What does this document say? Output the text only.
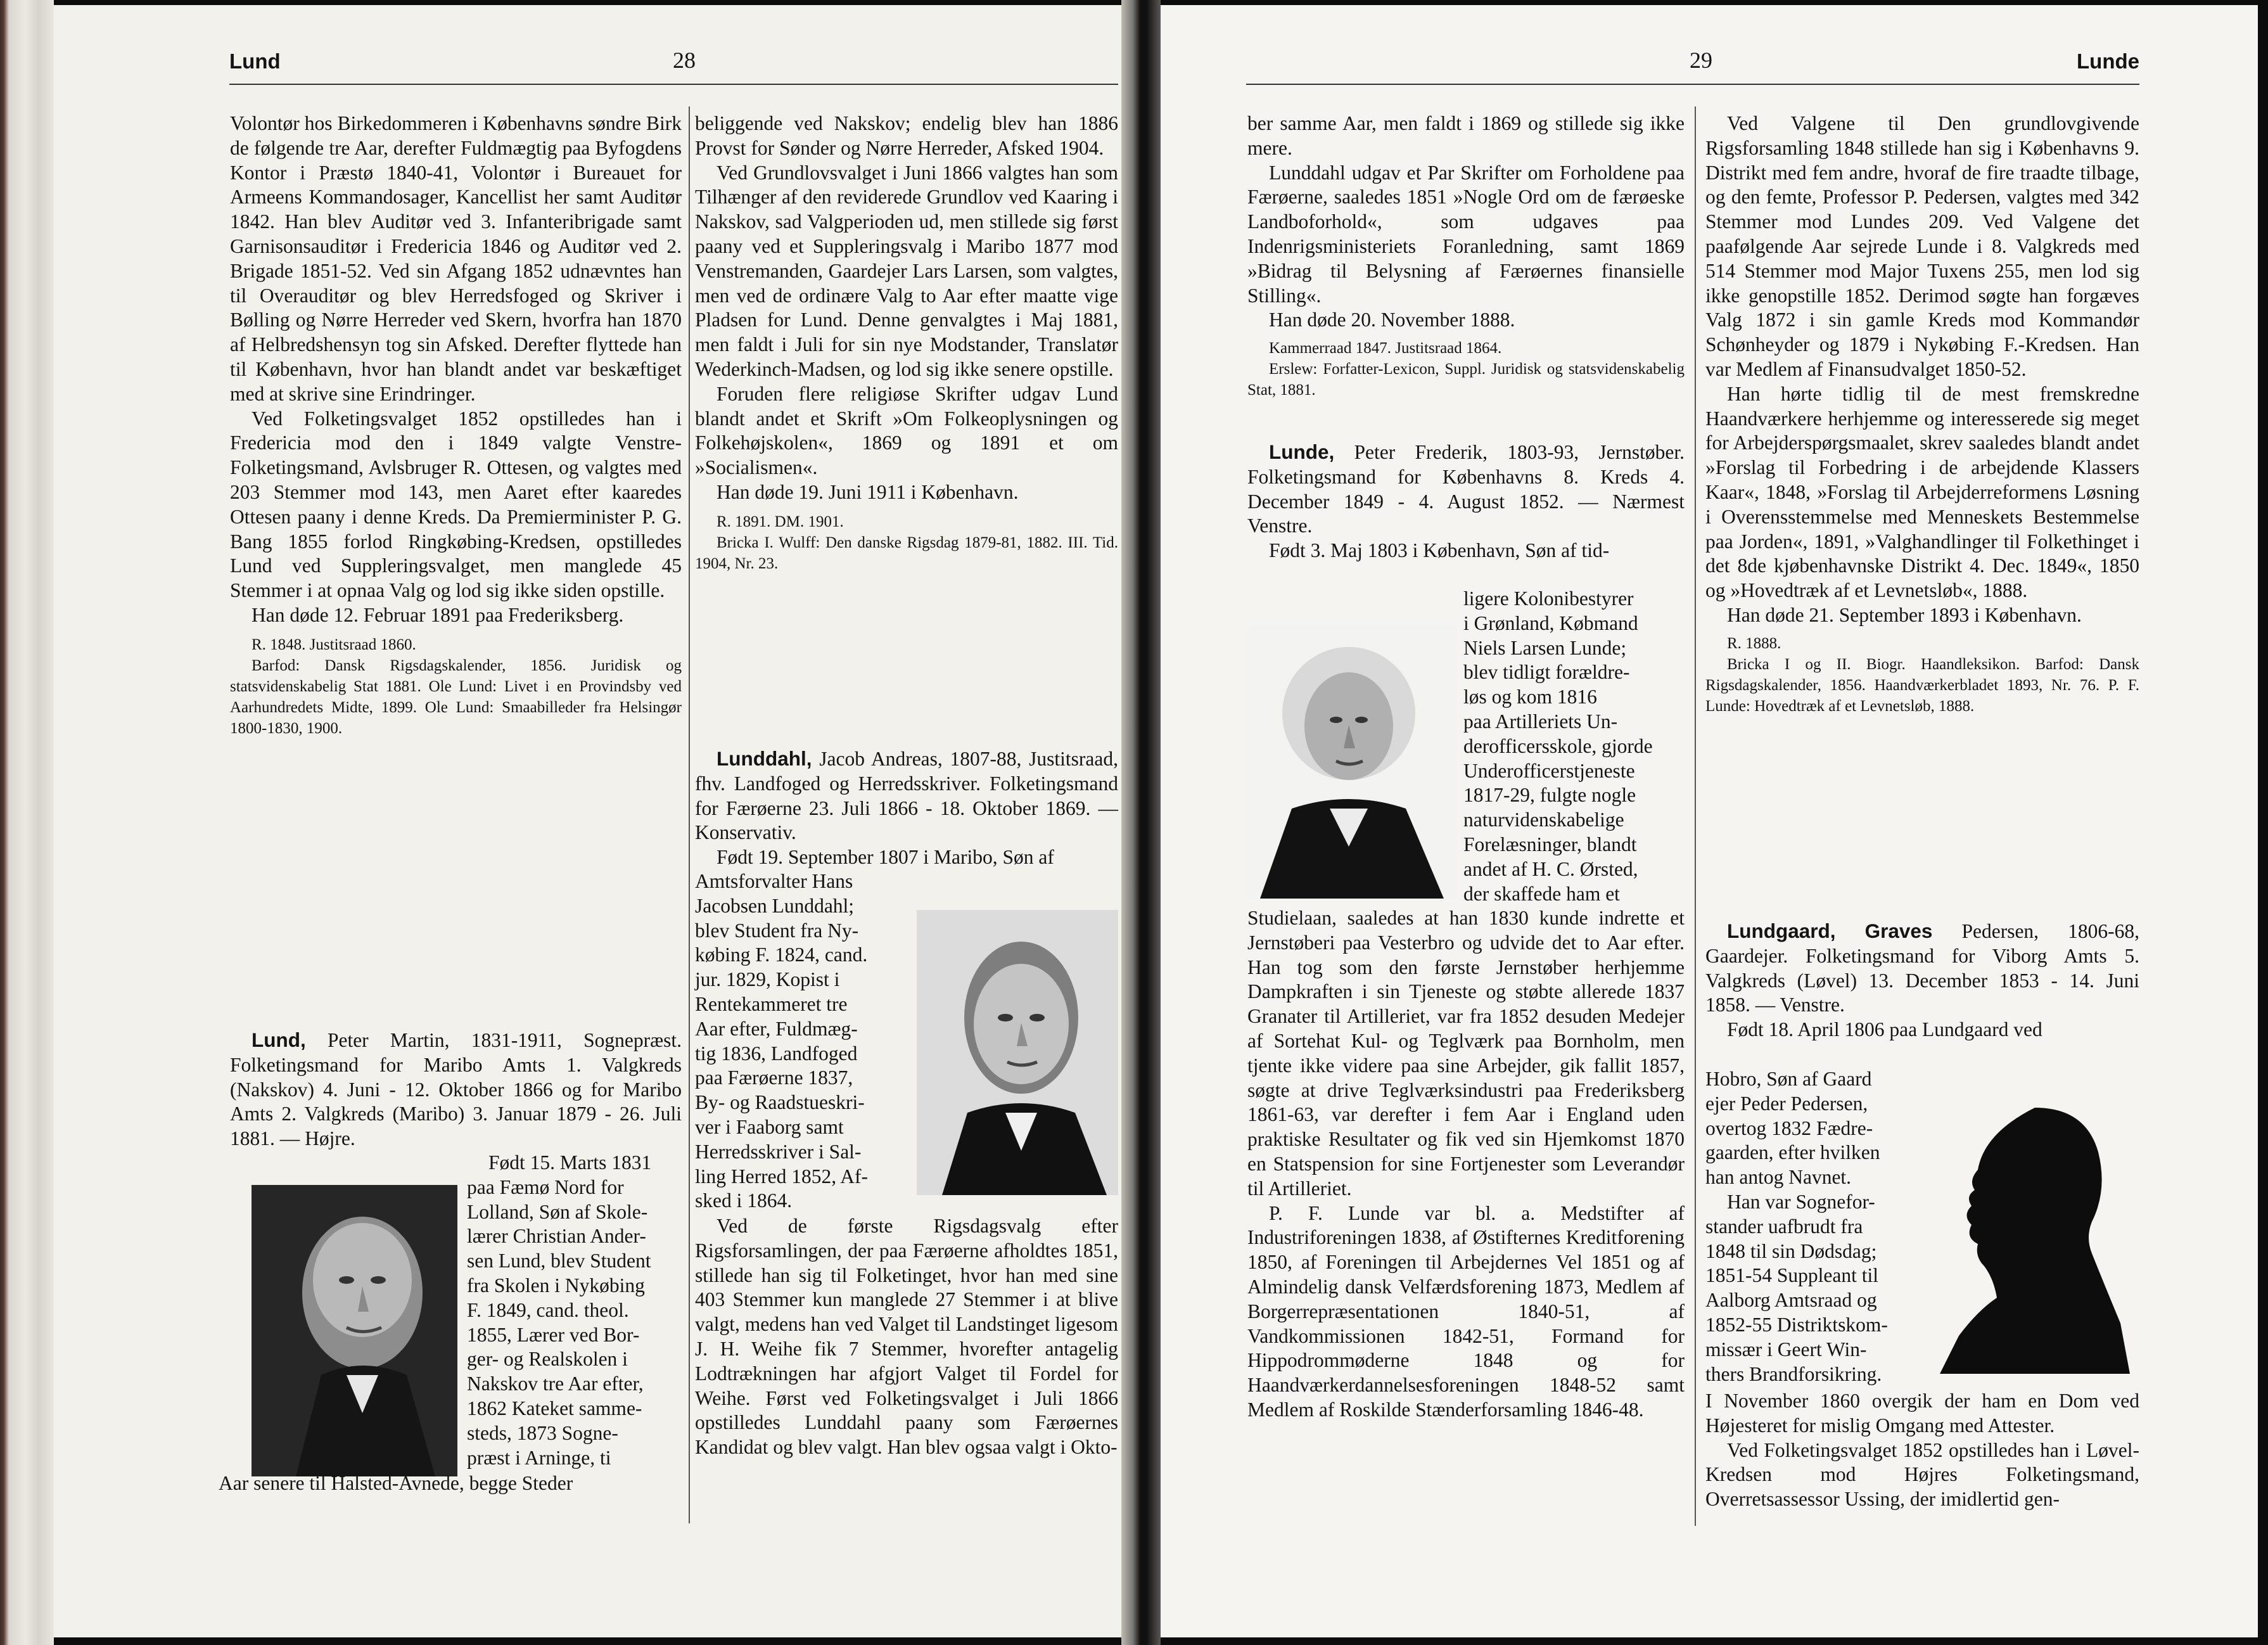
Lund	28

Volontør hos Birkedommeren i Københavns søndre Birk de følgende tre Aar, derefter Fuldmægtig paa Byfogdens Kontor i Præstø 1840-41, Volontør i Bureauet for Armeens Kommandosager, Kancellist her samt Auditør 1842. Han blev Auditør ved 3. Infanteribrigade samt Garnisonsauditør i Fredericia 1846 og Auditør ved 2. Brigade 1851-52. Ved sin Afgang 1852 udnævntes han til Overauditør og blev Herredsfoged og Skriver i Bølling og Nørre Herreder ved Skern, hvorfra han 1870 af Helbredshensyn tog sin Afsked. Derefter flyttede han til København, hvor han blandt andet var beskæftiget med at skrive sine Erindringer.

Ved Folketingsvalget 1852 opstilledes han i Fredericia mod den i 1849 valgte Venstre-Folketingsmand, Avlsbruger R. Ottesen, og valgtes med 203 Stemmer mod 143, men Aaret efter kaaredes Ottesen paany i denne Kreds. Da Premierminister P. G. Bang 1855 forlod Ringkøbing-Kredsen, opstilledes Lund ved Suppleringsvalget, men manglede 45 Stemmer i at opnaa Valg og lod sig ikke siden opstille.

Han døde 12. Februar 1891 paa Frederiksberg.

R. 1848. Justitsraad 1860.

Barfod: Dansk Rigsdagskalender, 1856. Juridisk og statsvidenskabelig Stat 1881. Ole Lund: Livet i en Provindsby ved Aarhundredets Midte, 1899. Ole Lund: Smaabilleder fra Helsingør 1800-1830, 1900.

Lund, Peter Martin, 1831-1911, Sognepræst. Folketingsmand for Maribo Amts 1. Valgkreds (Nakskov) 4. Juni - 12. Oktober 1866 og for Maribo Amts 2. Valgkreds (Maribo) 3. Januar 1879 - 26. Juli 1881. — Højre.

Født 15. Marts 1831

paa Fæmø Nord for

Lolland, Søn af Skole-

lærer Christian Ander-

sen Lund, blev Student

fra Skolen i Nykøbing

F. 1849, cand. theol.

1855, Lærer ved Bor-

ger- og Realskolen i

Nakskov tre Aar efter,

1862 Kateket samme-

steds, 1873 Sogne-

præst i Arninge, ti

Aar senere til Halsted-Avnede, begge Steder

beliggende ved Nakskov; endelig blev han 1886 Provst for Sønder og Nørre Herreder, Afsked 1904.

Ved Grundlovsvalget i Juni 1866 valgtes han som Tilhænger af den reviderede Grundlov ved Kaaring i Nakskov, sad Valgperioden ud, men stillede sig først paany ved et Suppleringsvalg i Maribo 1877 mod Venstremanden, Gaardejer Lars Larsen, som valgtes, men ved de ordinære Valg to Aar efter maatte vige Pladsen for Lund. Denne genvalgtes i Maj 1881, men faldt i Juli for sin nye Modstander, Translatør Wederkinch-Madsen, og lod sig ikke senere opstille.

Foruden flere religiøse Skrifter udgav Lund blandt andet et Skrift »Om Folkeoplysningen og Folkehøjskolen«, 1869 og 1891 et om »Socialismen«.

Han døde 19. Juni 1911 i København.

R. 1891. DM. 1901.

Bricka I. Wulff: Den danske Rigsdag 1879-81, 1882. III. Tid. 1904, Nr. 23.

Lunddahl, Jacob Andreas, 1807-88, Justitsraad, fhv. Landfoged og Herredsskriver. Folketingsmand for Færøerne 23. Juli 1866 - 18. Oktober 1869. — Konservativ.

Født 19. September 1807 i Maribo, Søn af

Amtsforvalter Hans

Jacobsen Lunddahl;

blev Student fra Ny-

købing F. 1824, cand.

jur. 1829, Kopist i

Rentekammeret tre

Aar efter, Fuldmæg-

tig 1836, Landfoged

paa Færøerne 1837,

By- og Raadstueskri-

ver i Faaborg samt

Herredsskriver i Sal-

ling Herred 1852, Af-

sked i 1864.

Ved de første Rigsdagsvalg efter Rigsforsamlingen, der paa Færøerne afholdtes 1851, stillede han sig til Folketinget, hvor han med sine 403 Stemmer kun manglede 27 Stemmer i at blive valgt, medens han ved Valget til Landstinget ligesom J. H. Weihe fik 7 Stemmer, hvorefter antagelig Lodtrækningen har afgjort Valget til Fordel for Weihe. Først ved Folketingsvalget i Juli 1866 opstilledes Lunddahl paany som Færøernes Kandidat og blev valgt. Han blev ogsaa valgt i Okto-

29	Lunde

ber samme Aar, men faldt i 1869 og stillede sig ikke mere.

Lunddahl udgav et Par Skrifter om Forholdene paa Færøerne, saaledes 1851 »Nogle Ord om de færøeske Landboforhold«, som udgaves paa Indenrigsministeriets Foranledning, samt 1869 »Bidrag til Belysning af Færøernes finansielle Stilling«.

Han døde 20. November 1888.

Kammerraad 1847. Justitsraad 1864.

Erslew: Forfatter-Lexicon, Suppl. Juridisk og statsvidenskabelig Stat, 1881.

Lunde, Peter Frederik, 1803-93, Jernstøber. Folketingsmand for Københavns 8. Kreds 4. December 1849 - 4. August 1852. — Nærmest Venstre.

Født 3. Maj 1803 i København, Søn af tid-

ligere Kolonibestyrer

i Grønland, Købmand

Niels Larsen Lunde;

blev tidligt forældre-

løs og kom 1816

paa Artilleriets Un-

derofficersskole, gjorde

Underofficerstjeneste

1817-29, fulgte nogle

naturvidenskabelige

Forelæsninger, blandt

andet af H. C. Ørsted,

der skaffede ham et

Studielaan, saaledes at han 1830 kunde indrette et Jernstøberi paa Vesterbro og udvide det to Aar efter. Han tog som den første Jernstøber herhjemme Dampkraften i sin Tjeneste og støbte allerede 1837 Granater til Artilleriet, var fra 1852 desuden Medejer af Sortehat Kul- og Teglværk paa Bornholm, men tjente ikke videre paa sine Arbejder, gik fallit 1857, søgte at drive Teglværksindustri paa Frederiksberg 1861-63, var derefter i fem Aar i England uden praktiske Resultater og fik ved sin Hjemkomst 1870 en Statspension for sine Fortjenester som Leverandør til Artilleriet.

P. F. Lunde var bl. a. Medstifter af Industriforeningen 1838, af Østifternes Kreditforening 1850, af Foreningen til Arbejdernes Vel 1851 og af Almindelig dansk Velfærdsforening 1873, Medlem af Borgerrepræsentationen 1840-51, af Vandkommissionen 1842-51, Formand for Hippodrommøderne 1848 og for Haandværkerdannelsesforeningen 1848-52 samt Medlem af Roskilde Stænderforsamling 1846-48.

Ved Valgene til Den grundlovgivende Rigsforsamling 1848 stillede han sig i Københavns 9. Distrikt med fem andre, hvoraf de fire traadte tilbage, og den femte, Professor P. Pedersen, valgtes med 342 Stemmer mod Lundes 209. Ved Valgene det paafølgende Aar sejrede Lunde i 8. Valgkreds med 514 Stemmer mod Major Tuxens 255, men lod sig ikke genopstille 1852. Derimod søgte han forgæves Valg 1872 i sin gamle Kreds mod Kommandør Schønheyder og 1879 i Nykøbing F.-Kredsen. Han var Medlem af Finansudvalget 1850-52.

Han hørte tidlig til de mest fremskredne Haandværkere herhjemme og interesserede sig meget for Arbejderspørgsmaalet, skrev saaledes blandt andet »Forslag til Forbedring i de arbejdende Klassers Kaar«, 1848, »Forslag til Arbejderreformens Løsning i Overensstemmelse med Menneskets Bestemmelse paa Jorden«, 1891, »Valghandlinger til Folkethinget i det 8de kjøbenhavnske Distrikt 4. Dec. 1849«, 1850 og »Hovedtræk af et Levnetsløb«, 1888.

Han døde 21. September 1893 i København.

R. 1888.

Bricka I og II. Biogr. Haandleksikon. Barfod: Dansk Rigsdagskalender, 1856. Haandværkerbladet 1893, Nr. 76. P. F. Lunde: Hovedtræk af et Levnetsløb, 1888.

Lundgaard, Graves Pedersen, 1806-68, Gaardejer. Folketingsmand for Viborg Amts 5. Valgkreds (Løvel) 13. December 1853 - 14. Juni 1858. — Venstre.

Født 18. April 1806 paa Lundgaard ved

Hobro, Søn af Gaard

ejer Peder Pedersen,

overtog 1832 Fædre-

gaarden, efter hvilken

han antog Navnet.

Han var Sognefor-

stander uafbrudt fra

1848 til sin Dødsdag;

1851-54 Suppleant til

Aalborg Amtsraad og

1852-55 Distriktskom-

missær i Geert Win-

thers Brandforsikring.

I November 1860 overgik der ham en Dom ved Højesteret for mislig Omgang med Attester.

Ved Folketingsvalget 1852 opstilledes han i Løvel-Kredsen mod Højres Folketingsmand, Overretsassessor Ussing, der imidlertid gen-
